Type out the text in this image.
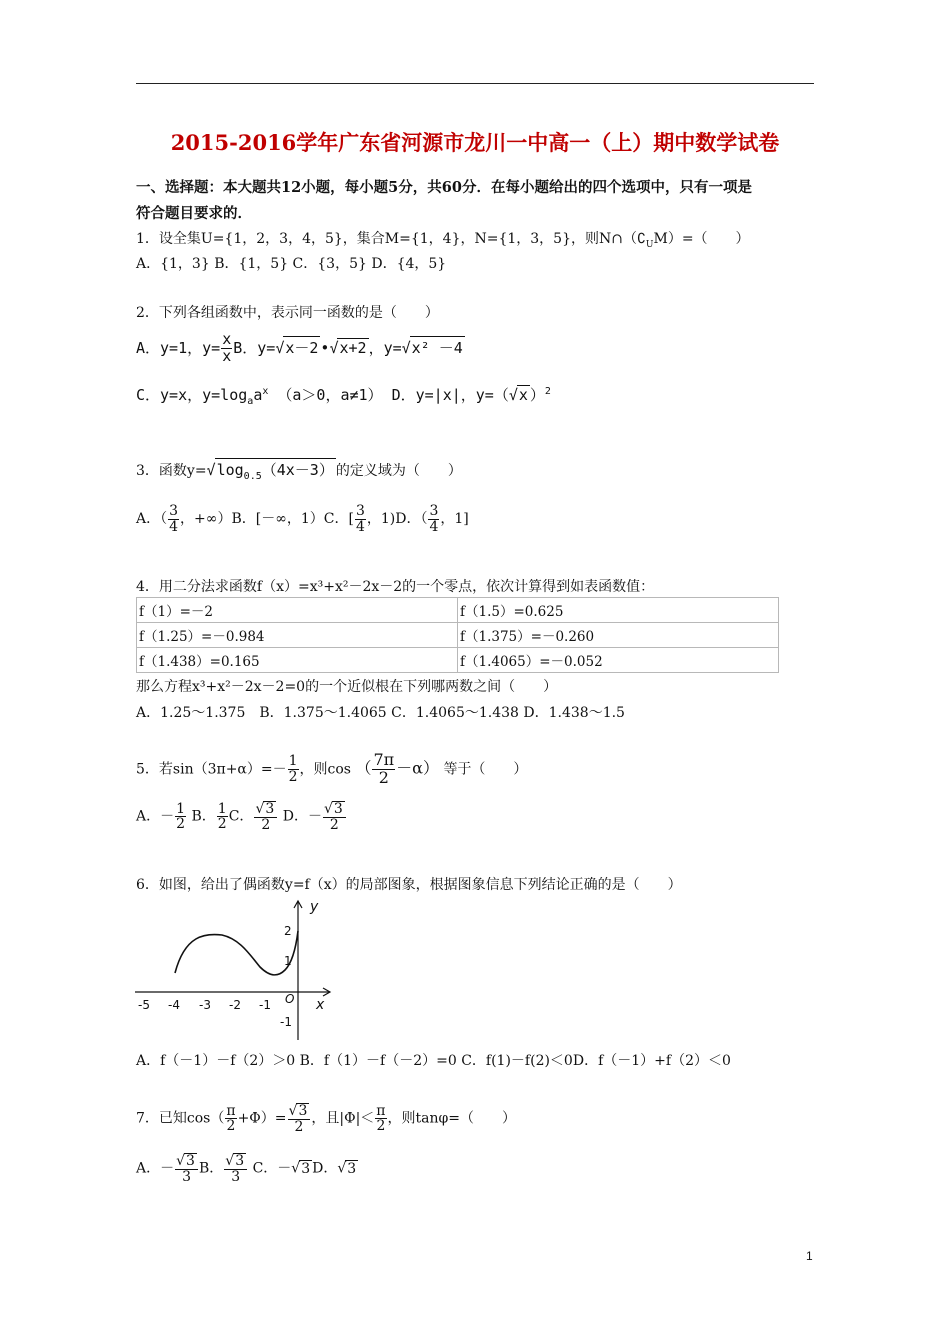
2015-2016学年广东省河源市龙川一中高一（上）期中数学试卷
一、选择题：本大题共12小题，每小题5分，共60分．在每小题给出的四个选项中，只有一项是
符合题目要求的．
1．设全集U={1，2，3，4，5}，集合M={1，4}，N={1，3，5}，则$N\cap(∁_UM)=$（　　）
A．{1，3} B．{1，5} C．{3，5} D．{4，5}
2．下列各组函数中，表示同一函数的是（　　）
A．y=1，$y= \frac{x}{x}$ B．y=√x－2 •√x+2 ，y=√x² －4
C．y=x，$y=\log_aa^x$ （a＞0，a≠1） D．y=|x|，y=（√x ）$^2$
3．函数$y=√\log_{0.5}(4x-3)$ 的定义域为（　　）
A．（ $\frac{3}{4}$ ，+∞）B．[－∞，1）C．[ $\frac{3}{4}$ ，1)D．（ $\frac{3}{4}$ ，1]
4．用二分法求函数f（x）=x³+x²－2x－2的一个零点，依次计算得到如表函数值：
f（1）=－2	f（1.5）=0.625
f（1.25）=－0.984	f（1.375）=－0.260
f（1.438）=0.165	f（1.4065）=－0.052
那么方程x³+x²－2x－2=0的一个近似根在下列哪两数之间（　　）
A．1.25～1.375　B．1.375～1.4065 C．1.4065～1.438 D．1.438～1.5
5．若$\sin(3\pi+\alpha)=- \frac{1}{2}$ ，则cos （ $\frac{7\pi}{2} -\alpha$） 等于（　　）
A．－ $\frac{1}{2}$ B． $\frac{1}{2}$ C． $\frac{√3}{2}$ D．－ $\frac{√3}{2}$
6．如图，给出了偶函数y=f（x）的局部图象，根据图象信息下列结论正确的是（　　）
y
x
O
-5 -4 -3 -2 -1
2
1
-1
A．f（－1）－f（2）＞0 B．f（1）－f（－2）=0 C．f(1)－f(2)＜0D．f（－1）+f（2）＜0
7．已知$\cos( \frac{\pi}{2} +\Phi)= \frac{√3}{2}$ ，且$|\Phi|< \frac{\pi}{2}$ ，则tanφ=（　　）
A．－ $\frac{√3}{3}$ B． $\frac{√3}{3}$ C．－√3 D．√3
1
